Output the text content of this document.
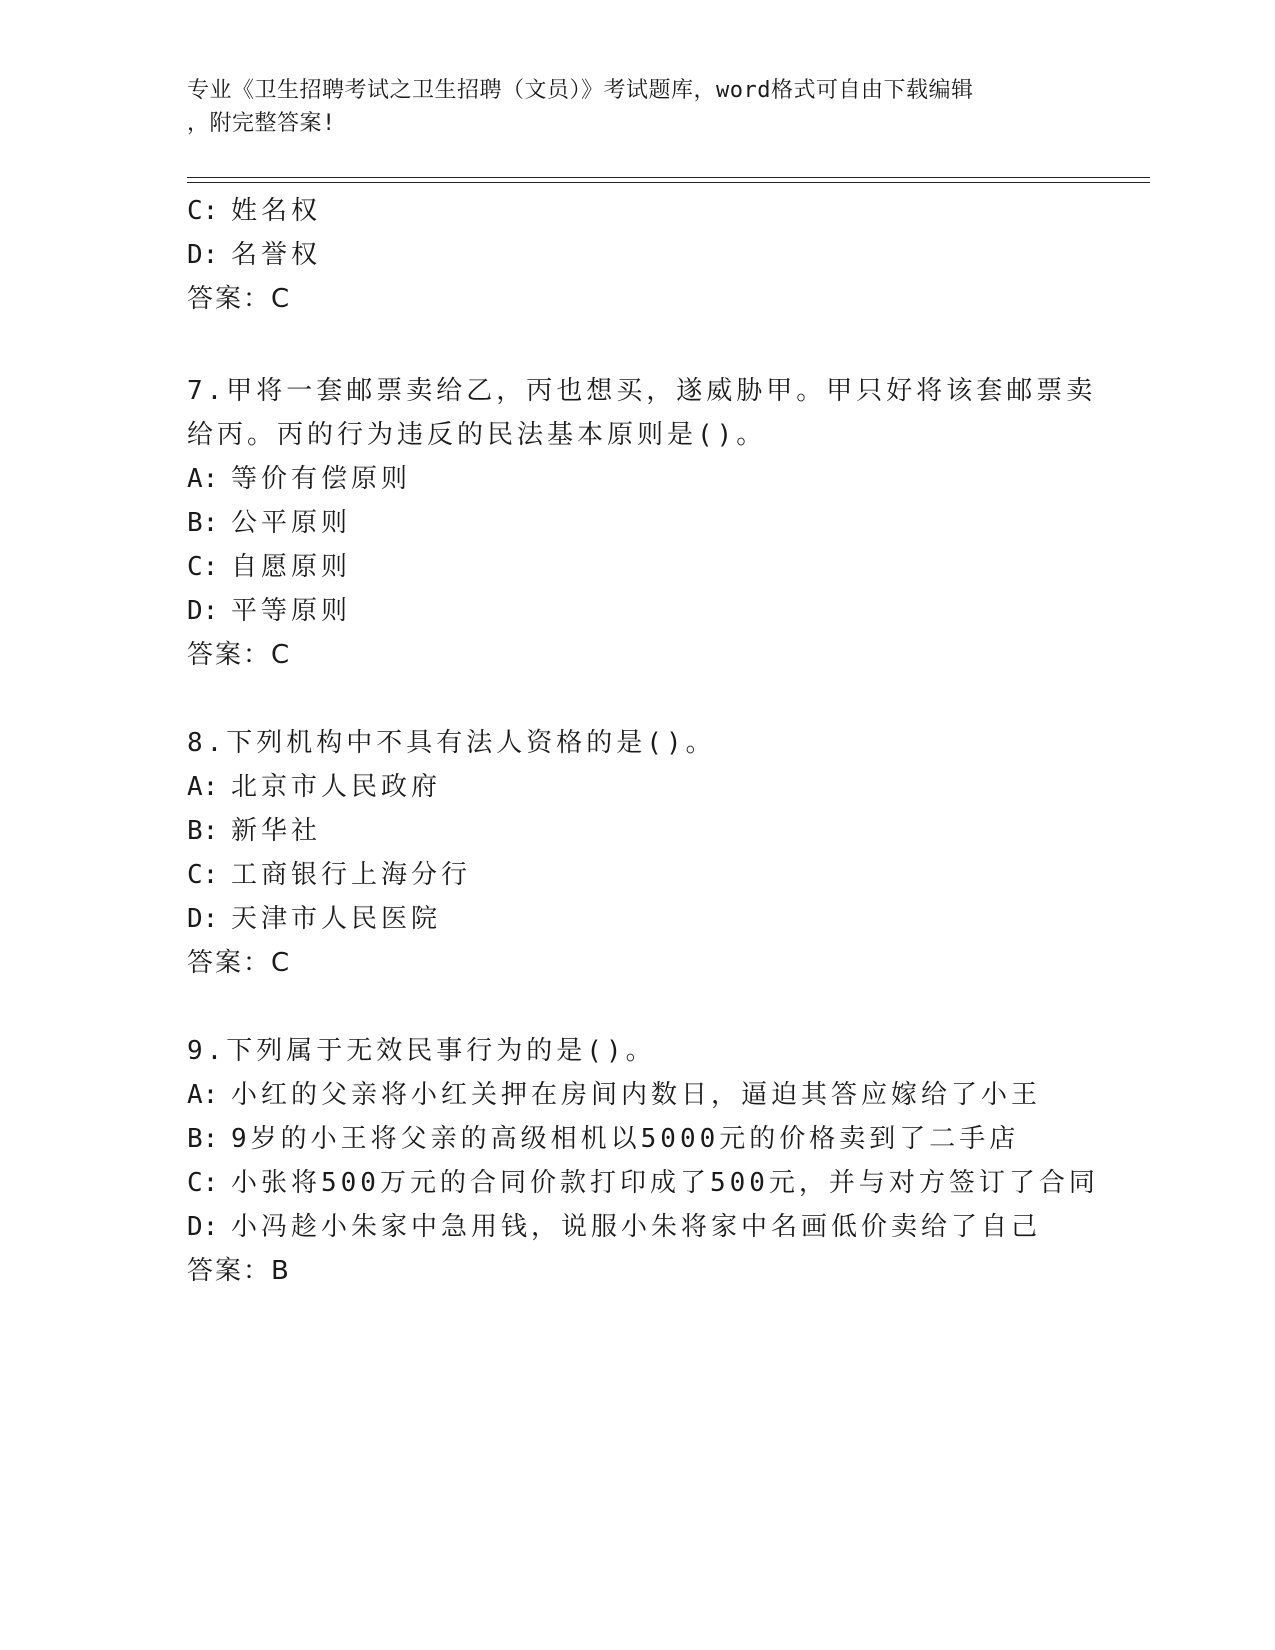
专业《卫生招聘考试之卫生招聘（文员）》考试题库，word格式可自由下载编辑
，附完整答案!
C: 姓名权
D: 名誉权
答案：C
7.甲将一套邮票卖给乙，丙也想买，遂威胁甲。甲只好将该套邮票卖
给丙。丙的行为违反的民法基本原则是()。
A: 等价有偿原则
B: 公平原则
C: 自愿原则
D: 平等原则
答案：C
8.下列机构中不具有法人资格的是()。
A: 北京市人民政府
B: 新华社
C: 工商银行上海分行
D: 天津市人民医院
答案：C
9.下列属于无效民事行为的是()。
A: 小红的父亲将小红关押在房间内数日，逼迫其答应嫁给了小王
B: 9岁的小王将父亲的高级相机以5000元的价格卖到了二手店
C: 小张将500万元的合同价款打印成了500元，并与对方签订了合同
D: 小冯趁小朱家中急用钱，说服小朱将家中名画低价卖给了自己
答案：B
